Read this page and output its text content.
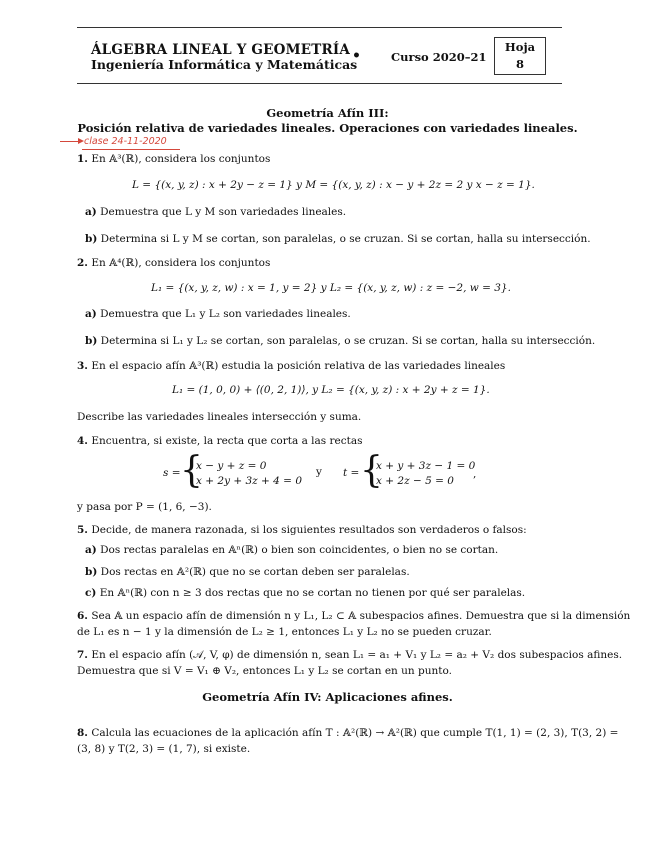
ÁLGEBRA LINEAL Y GEOMETRÍA
Ingeniería Informática y Matemáticas
•	Curso 2020–21
Hoja
8
Geometría Afín III:
Posición relativa de variedades lineales. Operaciones con variedades lineales.
clase 24-11-2020
1. En 𝔸³(ℝ), considera los conjuntos
L = {(x, y, z) : x + 2y − z = 1} y M = {(x, y, z) : x − y + 2z = 2 y x − z = 1}.
a) Demuestra que L y M son variedades lineales.
b) Determina si L y M se cortan, son paralelas, o se cruzan. Si se cortan, halla su intersección.
2. En 𝔸⁴(ℝ), considera los conjuntos
L₁ = {(x, y, z, w) : x = 1, y = 2} y L₂ = {(x, y, z, w) : z = −2, w = 3}.
a) Demuestra que L₁ y L₂ son variedades lineales.
b) Determina si L₁ y L₂ se cortan, son paralelas, o se cruzan. Si se cortan, halla su intersección.
3. En el espacio afín 𝔸³(ℝ) estudia la posición relativa de las variedades lineales
L₁ = (1, 0, 0) + ⟨(0, 2, 1)⟩, y L₂ = {(x, y, z) : x + 2y + z = 1}.
Describe las variedades lineales intersección y suma.
4. Encuentra, si existe, la recta que corta a las rectas
s = {
x − y + z = 0
x + 2y + 3z + 4 = 0
y t = {
x + y + 3z − 1 = 0
x + 2z − 5 = 0
,
y pasa por P = (1, 6, −3).
5. Decide, de manera razonada, si los siguientes resultados son verdaderos o falsos:
a) Dos rectas paralelas en 𝔸ⁿ(ℝ) o bien son coincidentes, o bien no se cortan.
b) Dos rectas en 𝔸²(ℝ) que no se cortan deben ser paralelas.
c) En 𝔸ⁿ(ℝ) con n ≥ 3 dos rectas que no se cortan no tienen por qué ser paralelas.
6. Sea 𝔸 un espacio afín de dimensión n y L₁, L₂ ⊂ 𝔸 subespacios afines. Demuestra que si la dimensión
de L₁ es n − 1 y la dimensión de L₂ ≥ 1, entonces L₁ y L₂ no se pueden cruzar.
7. En el espacio afín (𝒜, V, φ) de dimensión n, sean L₁ = a₁ + V₁ y L₂ = a₂ + V₂ dos subespacios afines.
Demuestra que si V = V₁ ⊕ V₂, entonces L₁ y L₂ se cortan en un punto.
Geometría Afín IV: Aplicaciones afines.
8. Calcula las ecuaciones de la aplicación afín T : 𝔸²(ℝ) → 𝔸²(ℝ) que cumple T(1, 1) = (2, 3), T(3, 2) =
(3, 8) y T(2, 3) = (1, 7), si existe.
